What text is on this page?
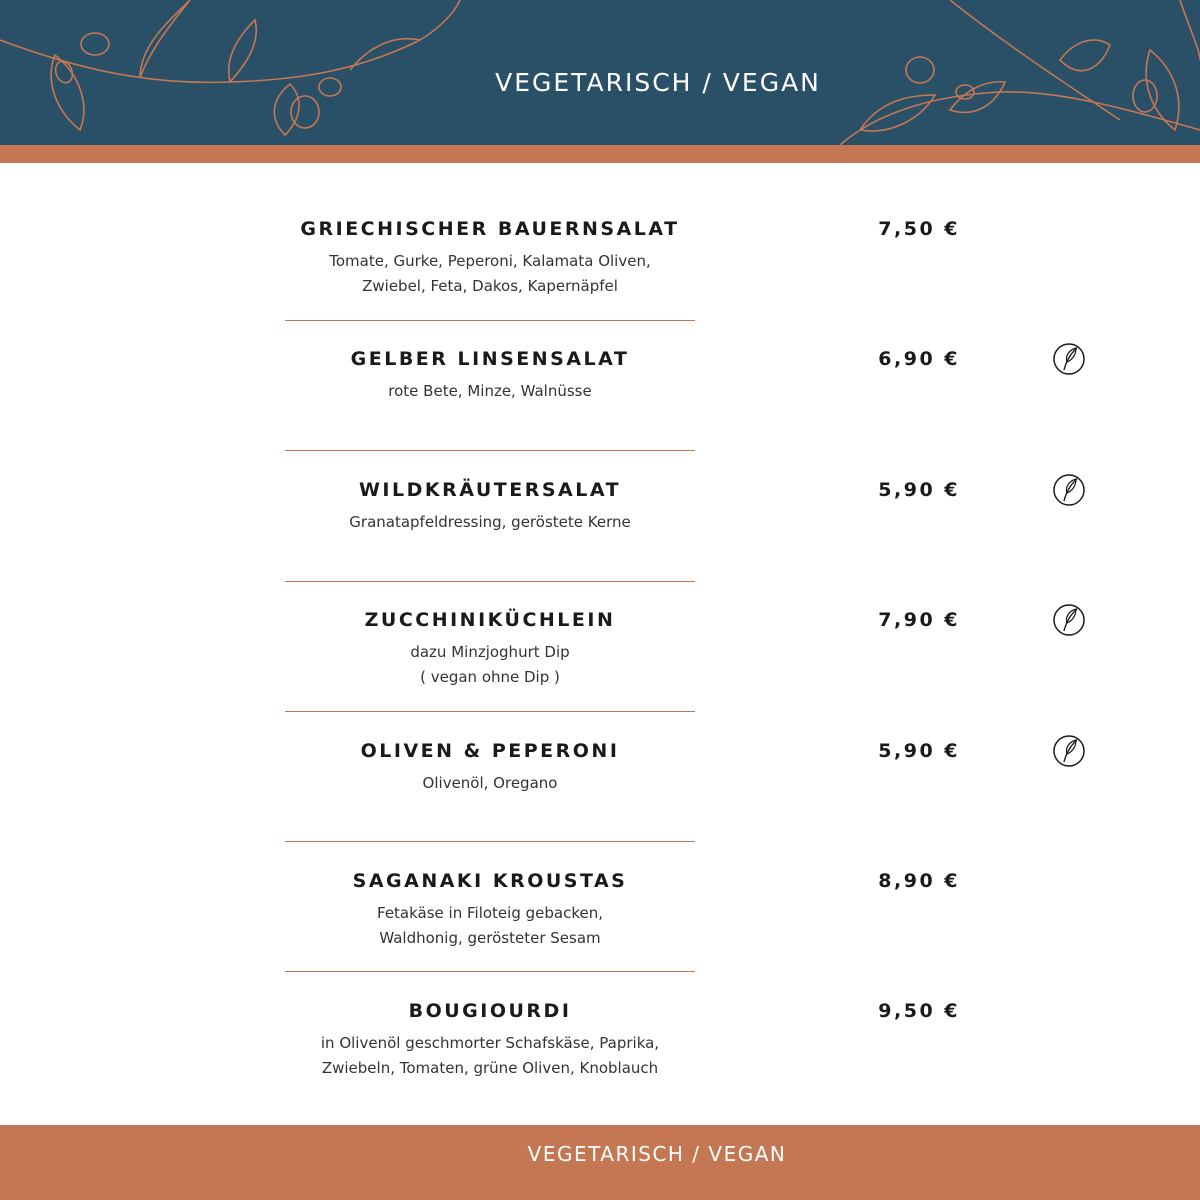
VEGETARISCH / VEGAN
GRIECHISCHER BAUERNSALAT
Tomate, Gurke, Peperoni, Kalamata Oliven,
Zwiebel, Feta, Dakos, Kapernäpfel
7,50 €
GELBER LINSENSALAT
rote Bete, Minze, Walnüsse
6,90 €
WILDKRÄUTERSALAT
Granatapfeldressing, geröstete Kerne
5,90 €
ZUCCHINIKÜCHLEIN
dazu Minzjoghurt Dip
( vegan ohne Dip )
7,90 €
OLIVEN & PEPERONI
Olivenöl, Oregano
5,90 €
SAGANAKI KROUSTAS
Fetakäse in Filoteig gebacken,
Waldhonig, gerösteter Sesam
8,90 €
BOUGIOURDI
in Olivenöl geschmorter Schafskäse, Paprika,
Zwiebeln, Tomaten, grüne Oliven, Knoblauch
9,50 €
VEGETARISCH / VEGAN
